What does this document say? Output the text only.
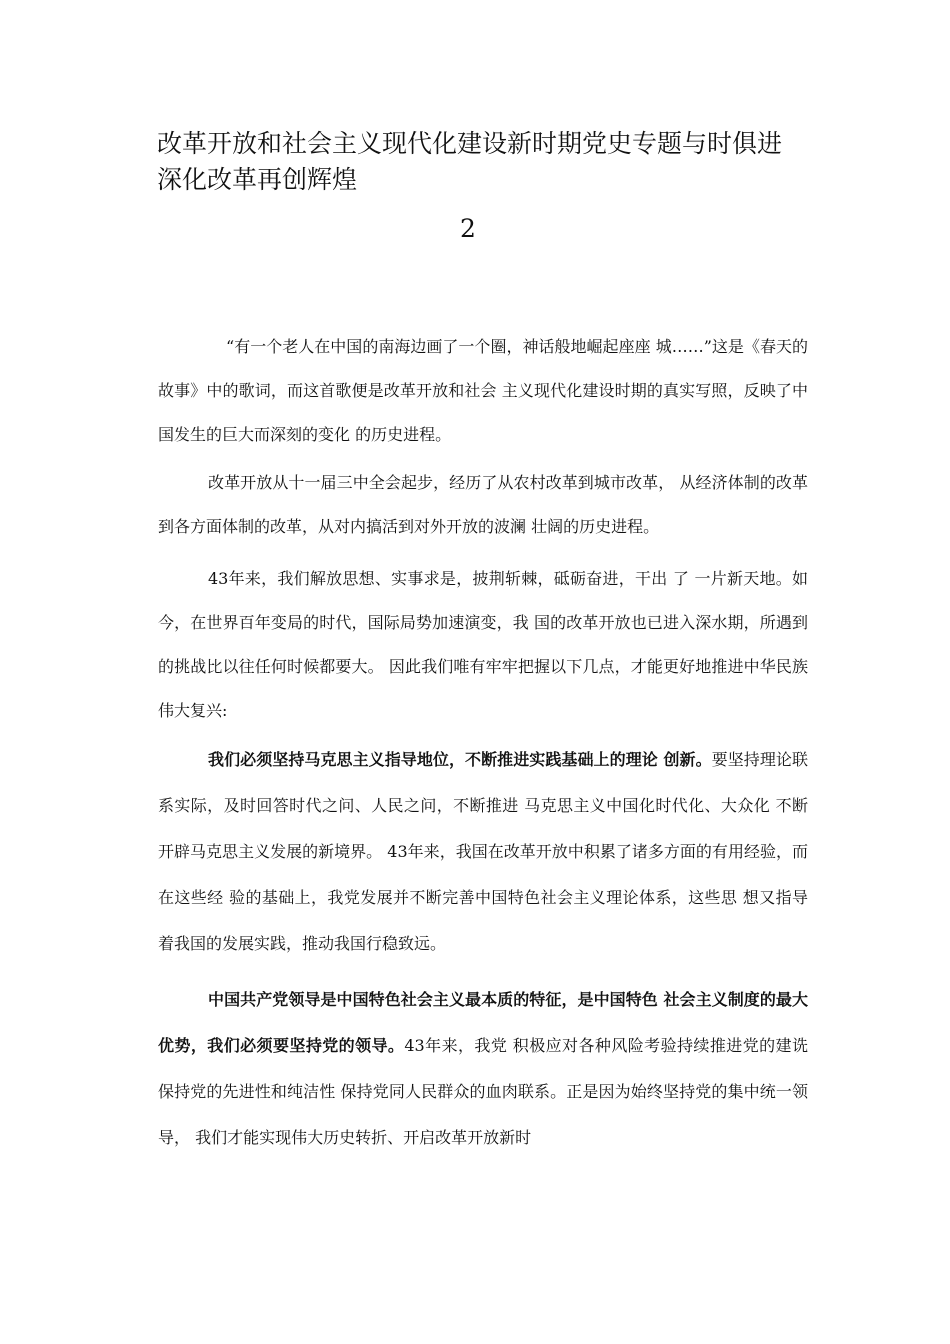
改革开放和社会主义现代化建设新时期党史专题与时俱进深化改革再创辉煌
2

“有一个老人在中国的南海边画了一个圈，神话般地崛起座座 城……”这是《春天的故事》中的歌词，而这首歌便是改革开放和社会 主义现代化建设时期的真实写照，反映了中国发生的巨大而深刻的变化 的历史进程。

改革开放从十一届三中全会起步，经历了从农村改革到城市改革， 从经济体制的改革到各方面体制的改革，从对内搞活到对外开放的波澜 壮阔的历史进程。

43年来，我们解放思想、实事求是，披荆斩棘，砥砺奋进，干出 了 一片新天地。如今，在世界百年变局的时代，国际局势加速演变，我 国的改革开放也已进入深水期，所遇到的挑战比以往任何时候都要大。 因此我们唯有牢牢把握以下几点，才能更好地推进中华民族伟大复兴:

我们必须坚持马克思主义指导地位，不断推进实践基础上的理论 创新。要坚持理论联系实际，及时回答时代之问、人民之问，不断推进 马克思主义中国化时代化、大众化 不断开辟马克思主义发展的新境界。 43年来，我国在改革开放中积累了诸多方面的有用经验，而在这些经 验的基础上，我党发展并不断完善中国特色社会主义理论体系，这些思 想又指导着我国的发展实践，推动我国行稳致远。

中国共产党领导是中国特色社会主义最本质的特征，是中国特色 社会主义制度的最大优势，我们必须要坚持党的领导。43年来，我党 积极应对各种风险考验持续推进党的建诜 保持党的先进性和纯洁性 保持党同人民群众的血肉联系。正是因为始终坚持党的集中统一领导， 我们才能实现伟大历史转折、开启改革开放新时
